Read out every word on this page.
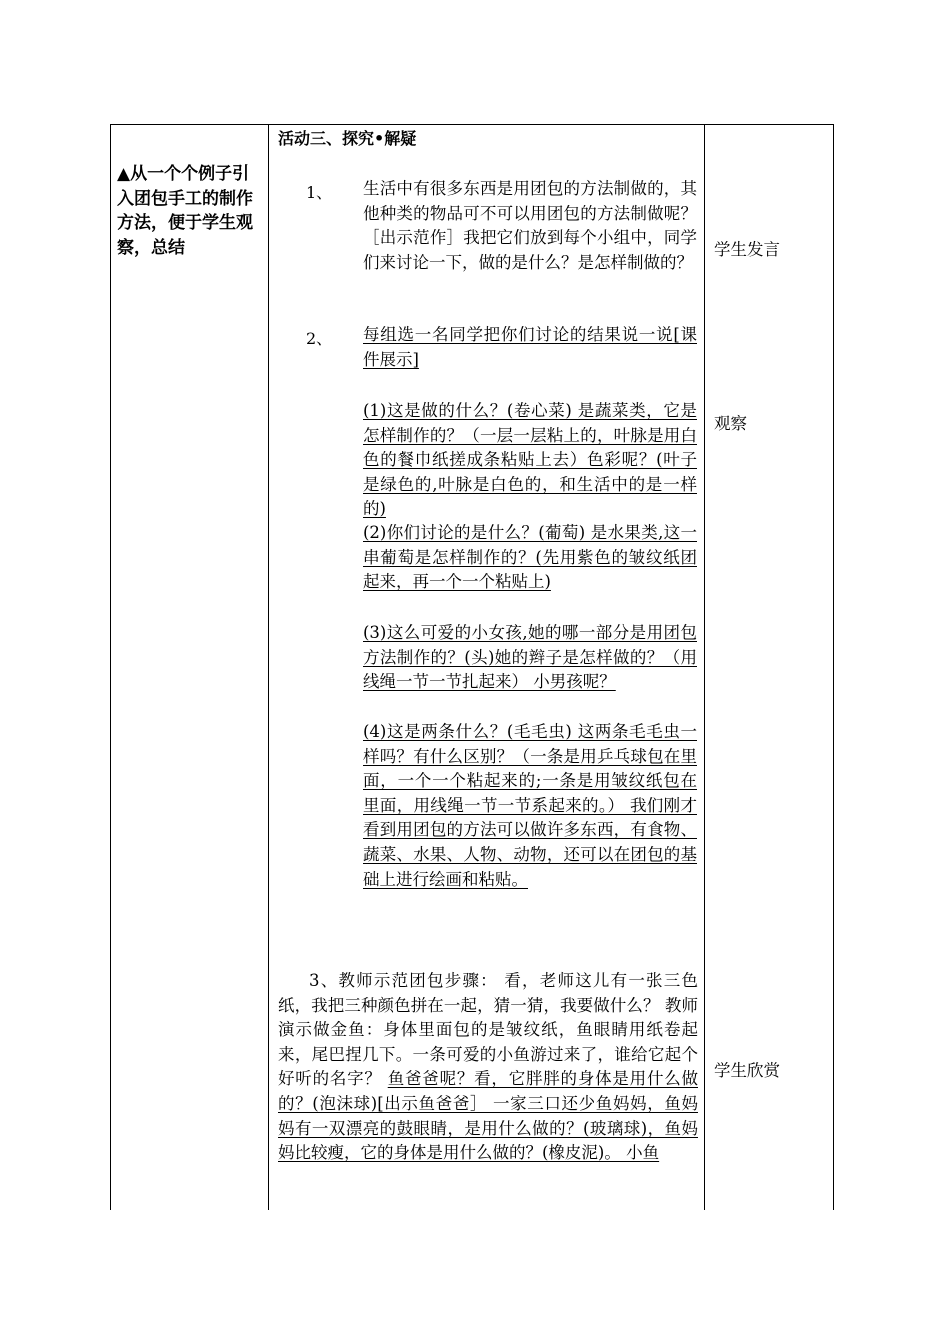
▲从一个个例子引入团包手工的制作方法，便于学生观察，总结
活动三、探究•解疑
1、 生活中有很多东西是用团包的方法制做的，其他种类的物品可不可以用团包的方法制做呢？［出示范作］我把它们放到每个小组中，同学们来讨论一下，做的是什么？是怎样制做的？
2、 每组选一名同学把你们讨论的结果说一说[课件展示]
(1)这是做的什么？(卷心菜) 是蔬菜类，它是怎样制作的？（一层一层粘上的，叶脉是用白色的餐巾纸搓成条粘贴上去）色彩呢？(叶子是绿色的,叶脉是白色的，和生活中的是一样的)
(2)你们讨论的是什么？(葡萄) 是水果类,这一串葡萄是怎样制作的？(先用紫色的皱纹纸团起来，再一个一个粘贴上)
(3)这么可爱的小女孩,她的哪一部分是用团包方法制作的？(头)她的辫子是怎样做的？（用线绳一节一节扎起来） 小男孩呢？
(4)这是两条什么？(毛毛虫) 这两条毛毛虫一样吗？有什么区别？（一条是用乒乓球包在里面，一个一个粘起来的;一条是用皱纹纸包在里面，用线绳一节一节系起来的。） 我们刚才看到用团包的方法可以做许多东西，有食物、蔬菜、水果、人物、动物，还可以在团包的基础上进行绘画和粘贴。
3、教师示范团包步骤： 看，老师这儿有一张三色纸，我把三种颜色拼在一起，猜一猜，我要做什么？ 教师演示做金鱼：身体里面包的是皱纹纸，鱼眼睛用纸卷起来，尾巴捏几下。一条可爱的小鱼游过来了，谁给它起个好听的名字？ 鱼爸爸呢？看，它胖胖的身体是用什么做的？(泡沫球)[出示鱼爸爸］ 一家三口还少鱼妈妈，鱼妈妈有一双漂亮的鼓眼睛，是用什么做的？(玻璃球)，鱼妈妈比较瘦，它的身体是用什么做的？(橡皮泥)。 小鱼
学生发言
观察
学生欣赏
